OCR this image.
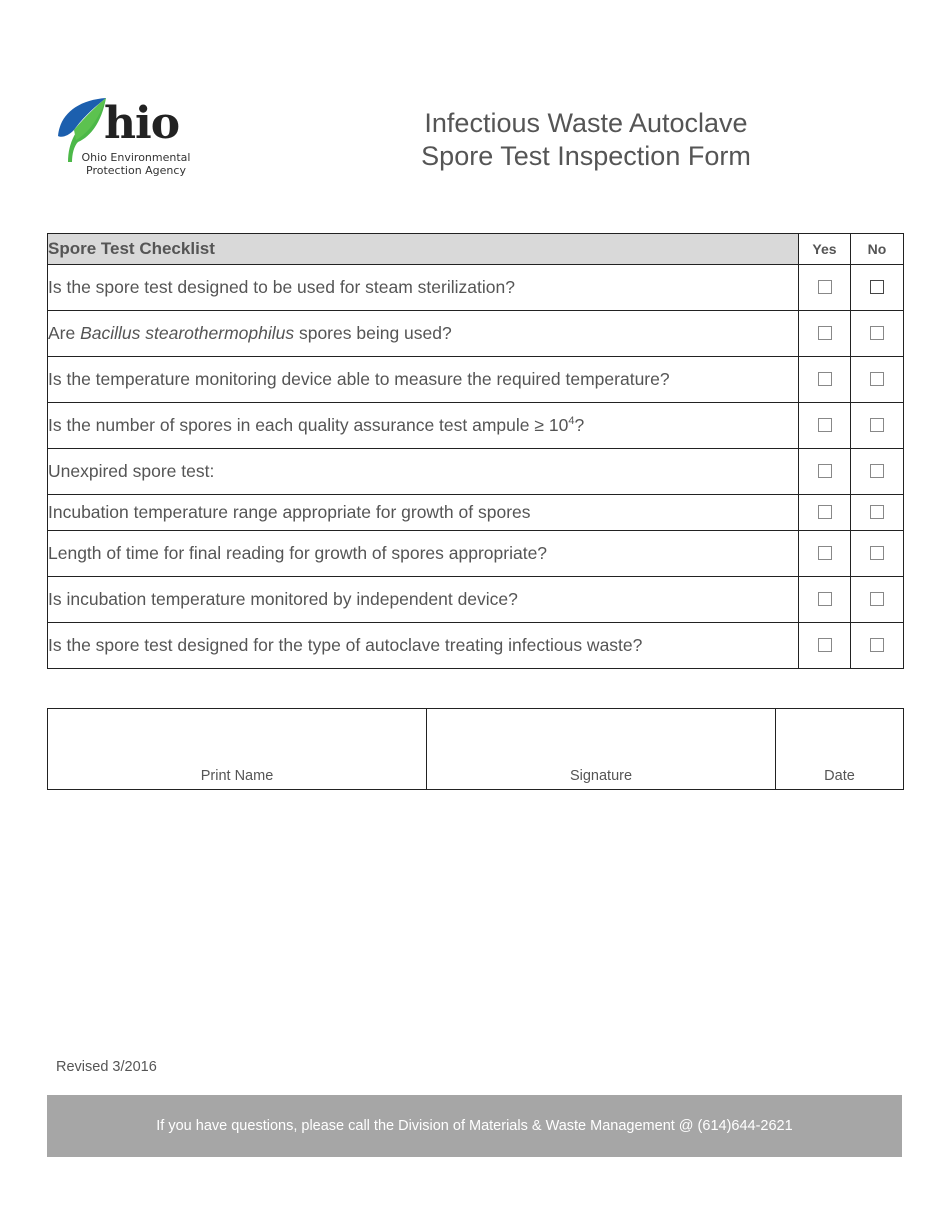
hio
Ohio Environmental
Protection Agency
Infectious Waste Autoclave
Spore Test Inspection Form
Spore Test Checklist	Yes	No
Is the spore test designed to be used for steam sterilization?		
Are Bacillus stearothermophilus spores being used?		
Is the temperature monitoring device able to measure the required temperature?		
Is the number of spores in each quality assurance test ampule ≥ $10^4$?		
Unexpired spore test:		
Incubation temperature range appropriate for growth of spores		
Length of time for final reading for growth of spores appropriate?		
Is incubation temperature monitored by independent device?		
Is the spore test designed for the type of autoclave treating infectious waste?		
Print Name	Signature	Date
Revised 3/2016
If you have questions, please call the Division of Materials & Waste Management @ (614)644-2621
